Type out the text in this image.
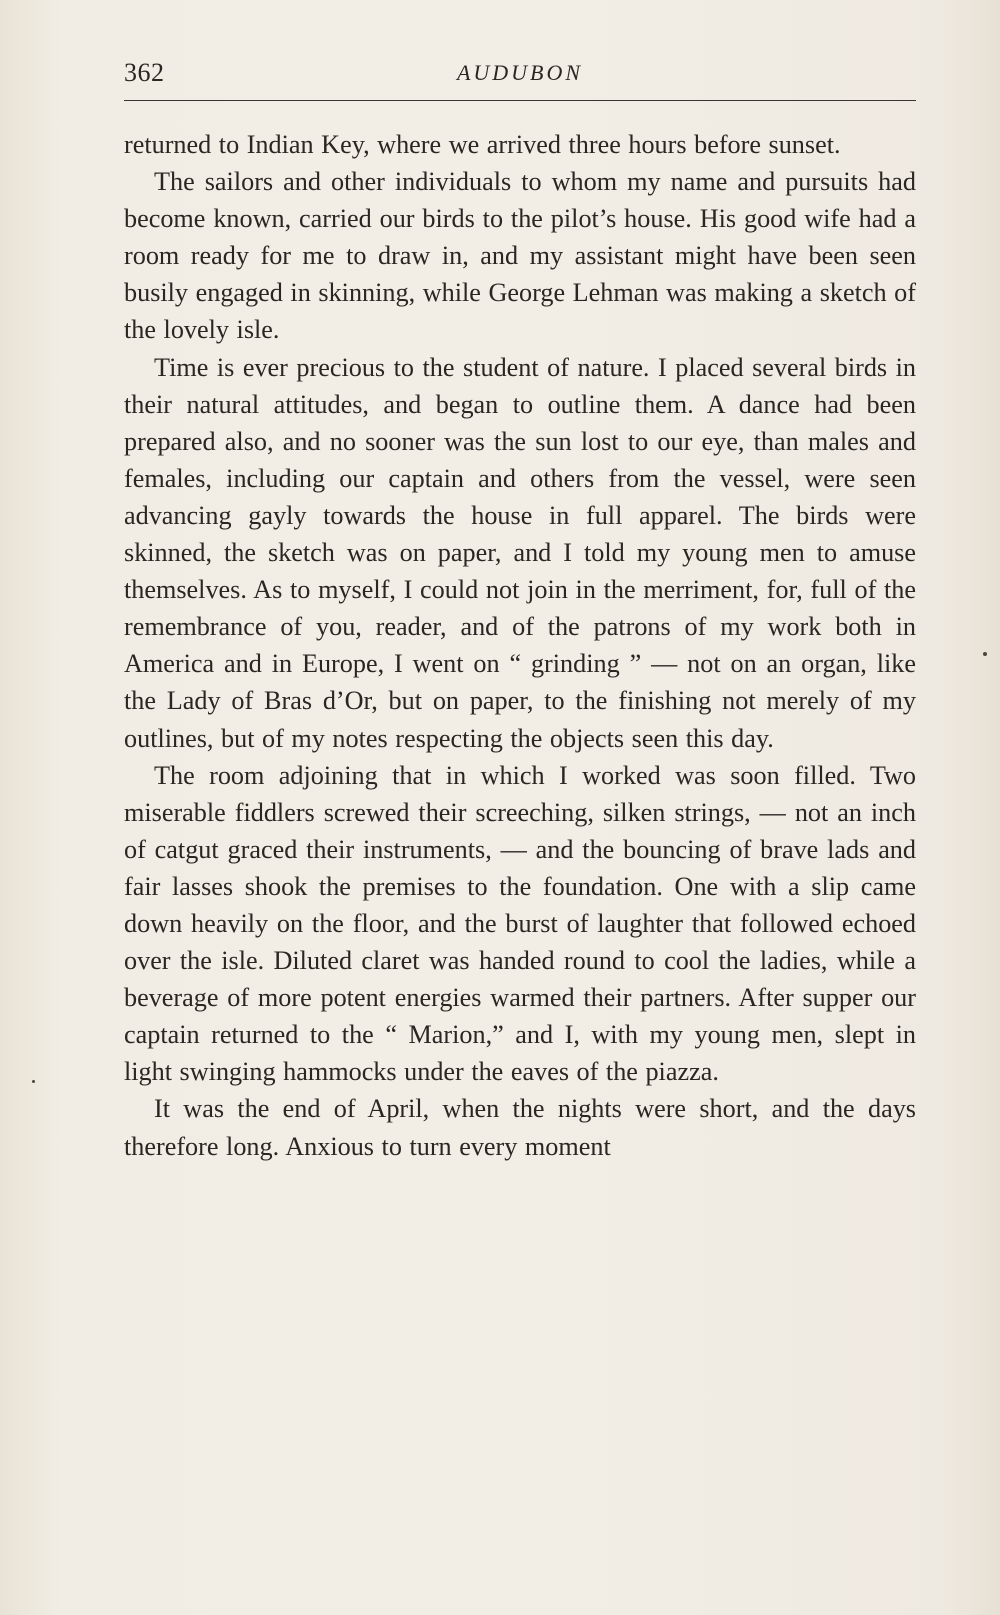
362	AUDUBON

returned to Indian Key, where we arrived three hours before sunset.

The sailors and other individuals to whom my name and pursuits had become known, carried our birds to the pilot’s house. His good wife had a room ready for me to draw in, and my assistant might have been seen busily engaged in skinning, while George Lehman was making a sketch of the lovely isle.

Time is ever precious to the student of nature. I placed several birds in their natural attitudes, and began to outline them. A dance had been prepared also, and no sooner was the sun lost to our eye, than males and females, including our captain and others from the vessel, were seen advancing gayly towards the house in full apparel. The birds were skinned, the sketch was on paper, and I told my young men to amuse themselves. As to myself, I could not join in the merriment, for, full of the remembrance of you, reader, and of the patrons of my work both in America and in Europe, I went on “ grinding ” — not on an organ, like the Lady of Bras d’Or, but on paper, to the finishing not merely of my outlines, but of my notes respecting the objects seen this day.

The room adjoining that in which I worked was soon filled. Two miserable fiddlers screwed their screeching, silken strings, — not an inch of catgut graced their instruments, — and the bouncing of brave lads and fair lasses shook the premises to the foundation. One with a slip came down heavily on the floor, and the burst of laughter that followed echoed over the isle. Diluted claret was handed round to cool the ladies, while a beverage of more potent energies warmed their partners. After supper our captain returned to the “ Marion,” and I, with my young men, slept in light swinging hammocks under the eaves of the piazza.

It was the end of April, when the nights were short, and the days therefore long. Anxious to turn every moment
